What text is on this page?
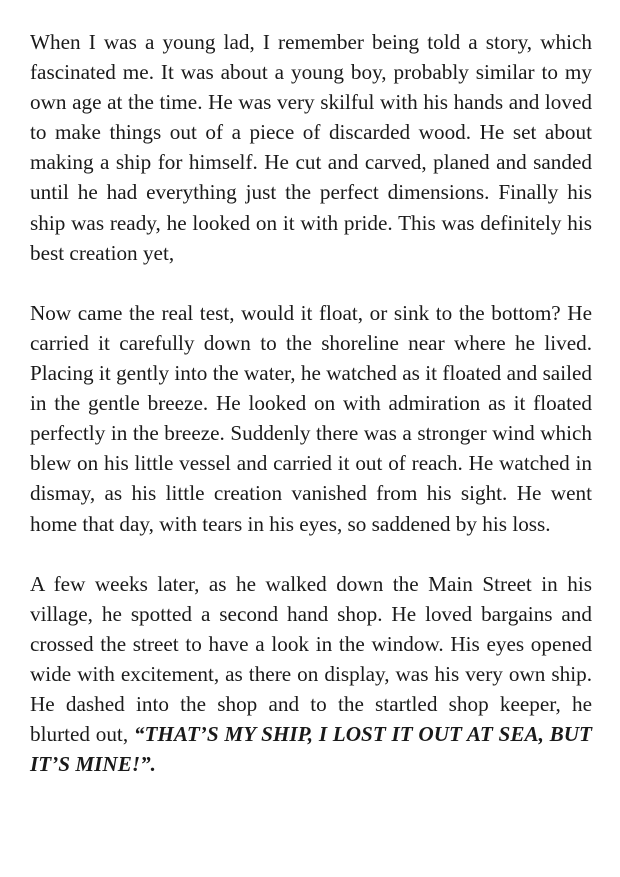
When I was a young lad, I remember being told a story, which fascinated me. It was about a young boy, probably similar to my own age at the time. He was very skilful with his hands and loved to make things out of a piece of discarded wood. He set about making a ship for himself. He cut and carved, planed and sanded until he had everything just the perfect dimensions. Finally his ship was ready, he looked on it with pride. This was definitely his best creation yet,

Now came the real test, would it float, or sink to the bottom? He carried it carefully down to the shoreline near where he lived. Placing it gently into the water, he watched as it floated and sailed in the gentle breeze. He looked on with admiration as it floated perfectly in the breeze. Suddenly there was a stronger wind which blew on his little vessel and carried it out of reach. He watched in dismay, as his little creation vanished from his sight. He went home that day, with tears in his eyes, so saddened by his loss.

A few weeks later, as he walked down the Main Street in his village, he spotted a second hand shop. He loved bargains and crossed the street to have a look in the window. His eyes opened wide with excitement, as there on display, was his very own ship. He dashed into the shop and to the startled shop keeper, he blurted out, “THAT’S MY SHIP, I LOST IT OUT AT SEA, BUT IT’S MINE!”.
